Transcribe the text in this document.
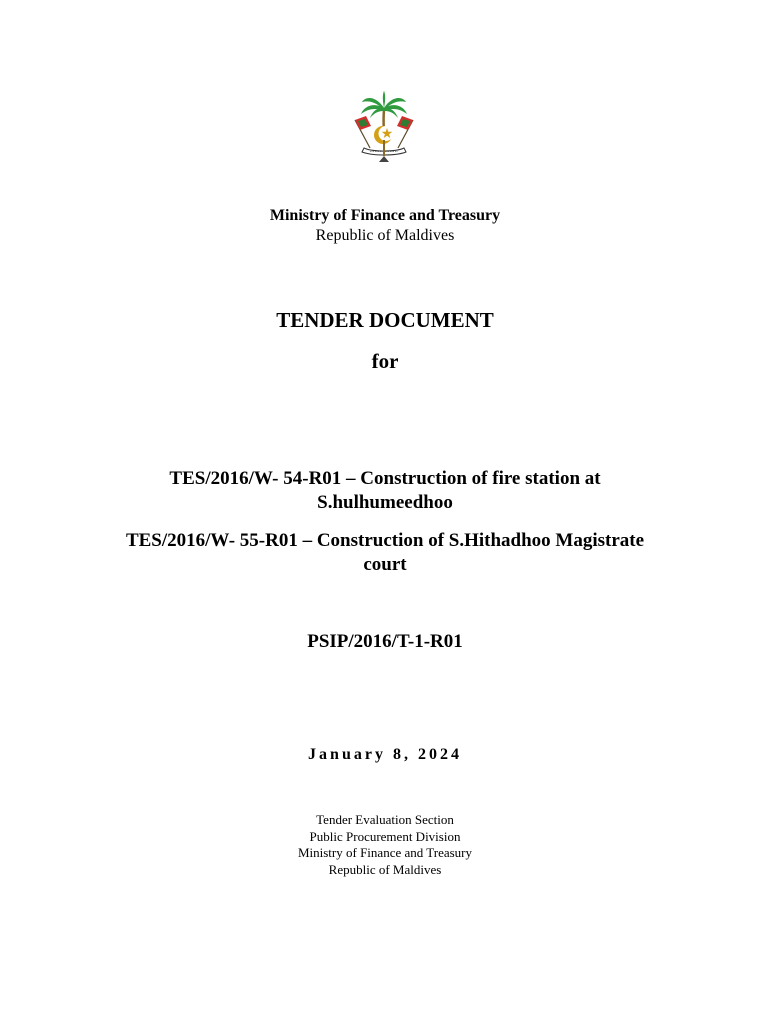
Ministry of Finance and Treasury
Republic of Maldives
TENDER DOCUMENT
for
TES/2016/W- 54-R01 – Construction of fire station at
S.hulhumeedhoo
TES/2016/W- 55-R01 – Construction of S.Hithadhoo Magistrate
court
PSIP/2016/T-1-R01
January 8, 2024
Tender Evaluation Section
Public Procurement Division
Ministry of Finance and Treasury
Republic of Maldives
